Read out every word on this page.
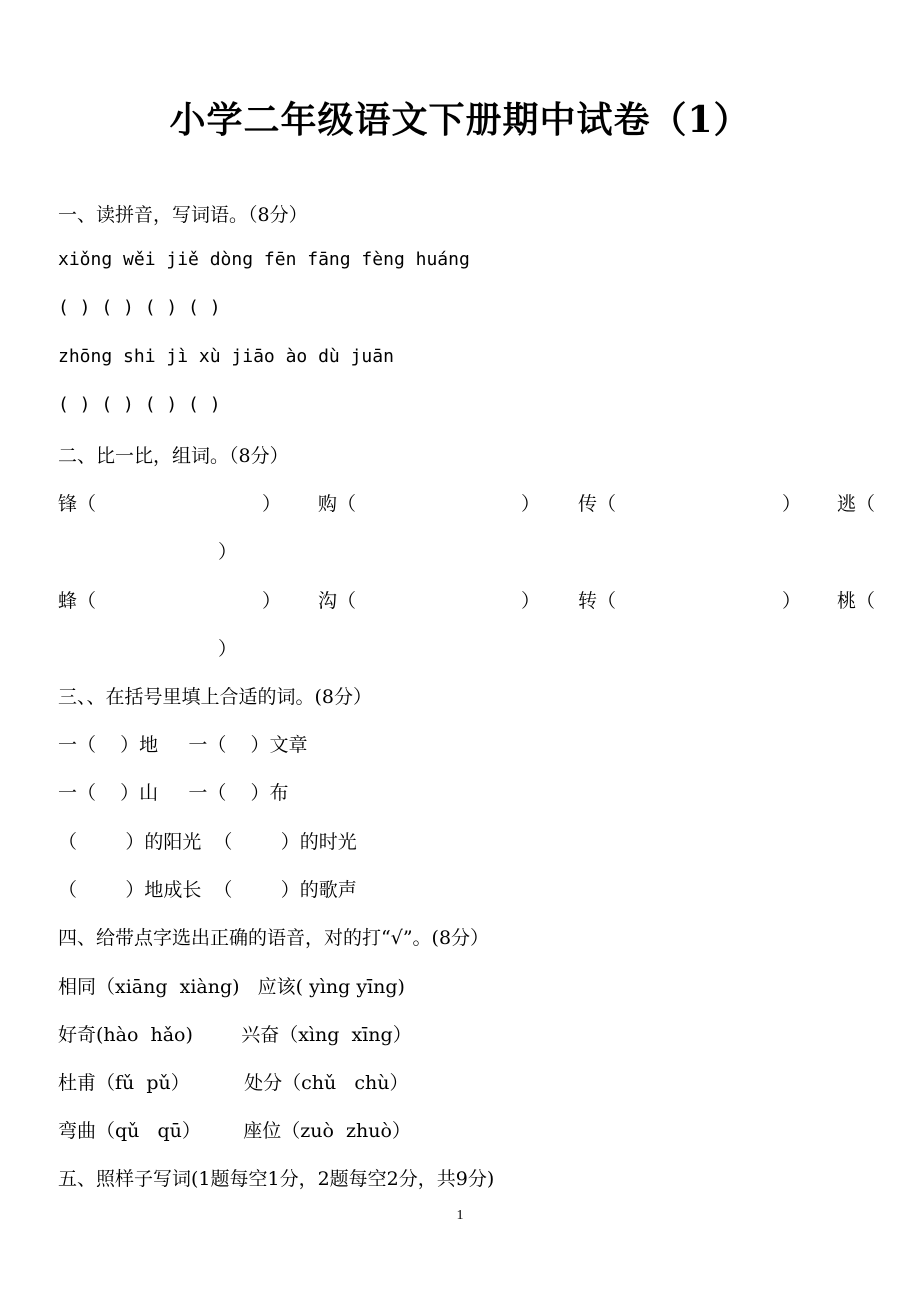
小学二年级语文下册期中试卷（1）
一、读拼音，写词语。（8分）
xiǒng wěi jiě dòng fēn fāng fèng huáng
( ) ( ) ( ) ( )
zhōng shi jì xù jiāo ào dù juān
( ) ( ) ( ) ( )
二、比一比，组词。（8分）
锋（	） 购（	） 传（	） 逃（
）
蜂（	） 沟（	） 转（	） 桃（
）
三、、在括号里填上合适的词。(8分）
一（    ）地     一（    ）文章
一（    ）山     一（    ）布
（        ）的阳光  （        ）的时光
（        ）地成长  （        ）的歌声
四、给带点字选出正确的语音，对的打“√”。(8分）
相同（xiāng  xiàng)   应该( yìng yīng)
好奇(hào  hǎo)        兴奋（xìng  xīng）
杜甫（fǔ  pǔ）         处分（chǔ   chù）
弯曲（qǔ   qū）       座位（zuò  zhuò）
五、照样子写词(1题每空1分，2题每空2分，共9分)
1
